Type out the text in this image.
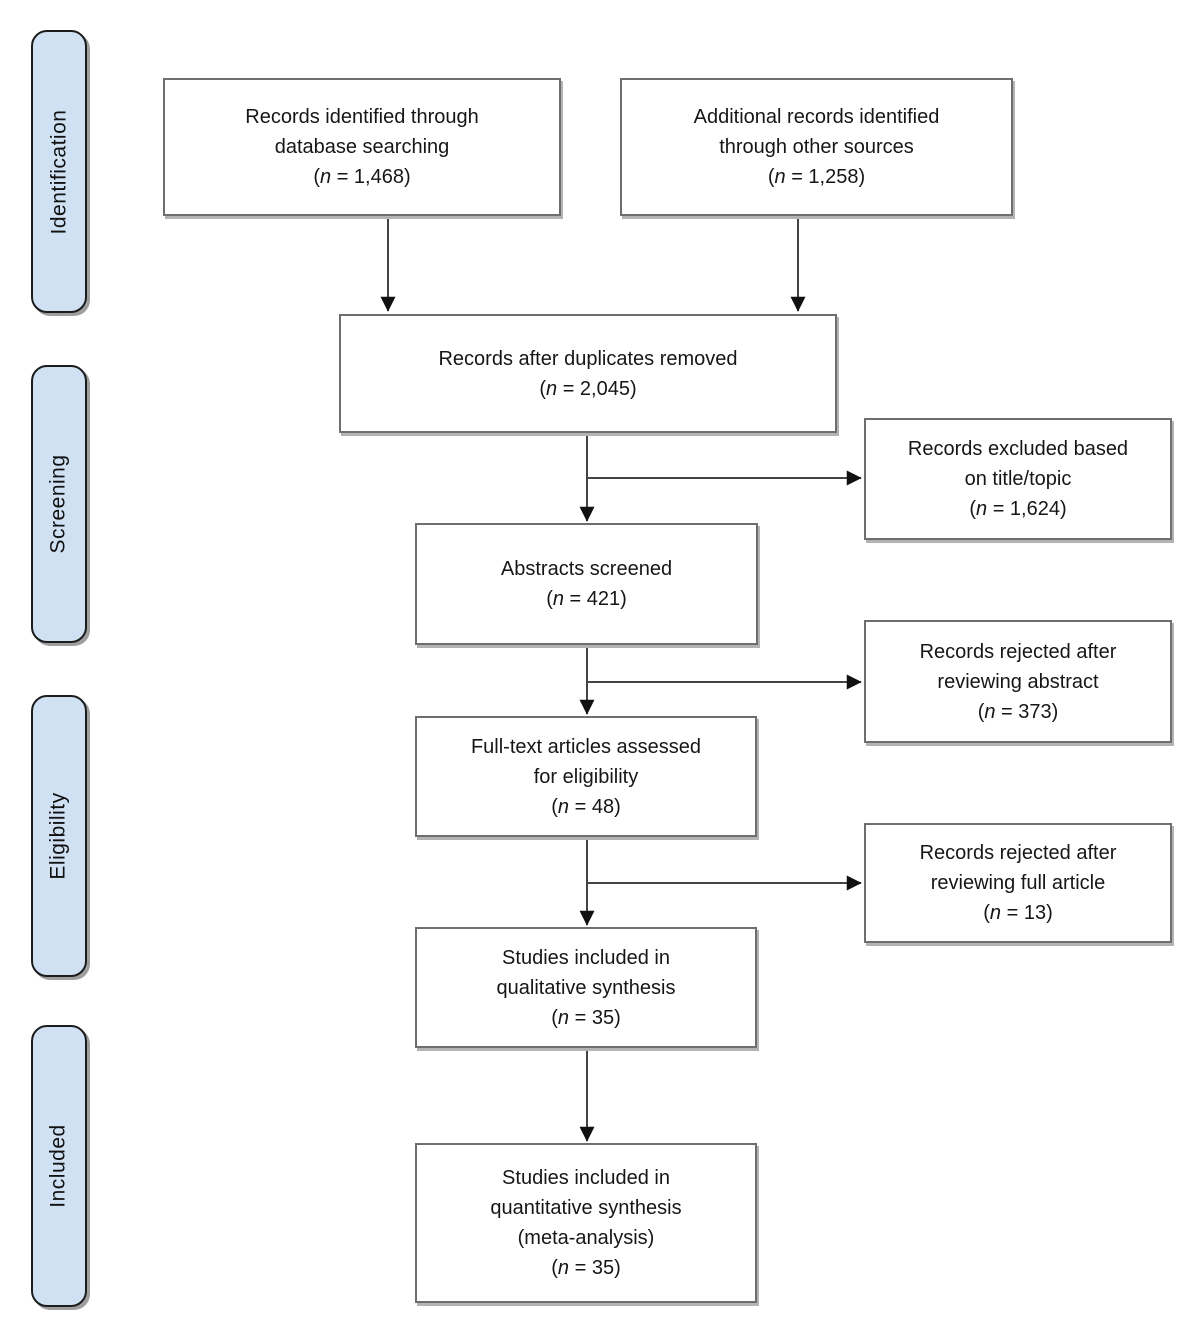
Identification
Screening
Eligibility
Included
Records identified through
database searching
(n = 1,468)
Additional records identified
through other sources
(n = 1,258)
Records after duplicates removed
(n = 2,045)
Records excluded based
on title/topic
(n = 1,624)
Abstracts screened
(n = 421)
Records rejected after
reviewing abstract
(n = 373)
Full-text articles assessed
for eligibility
(n = 48)
Records rejected after
reviewing full article
(n = 13)
Studies included in
qualitative synthesis
(n = 35)
Studies included in
quantitative synthesis
(meta-analysis)
(n = 35)
